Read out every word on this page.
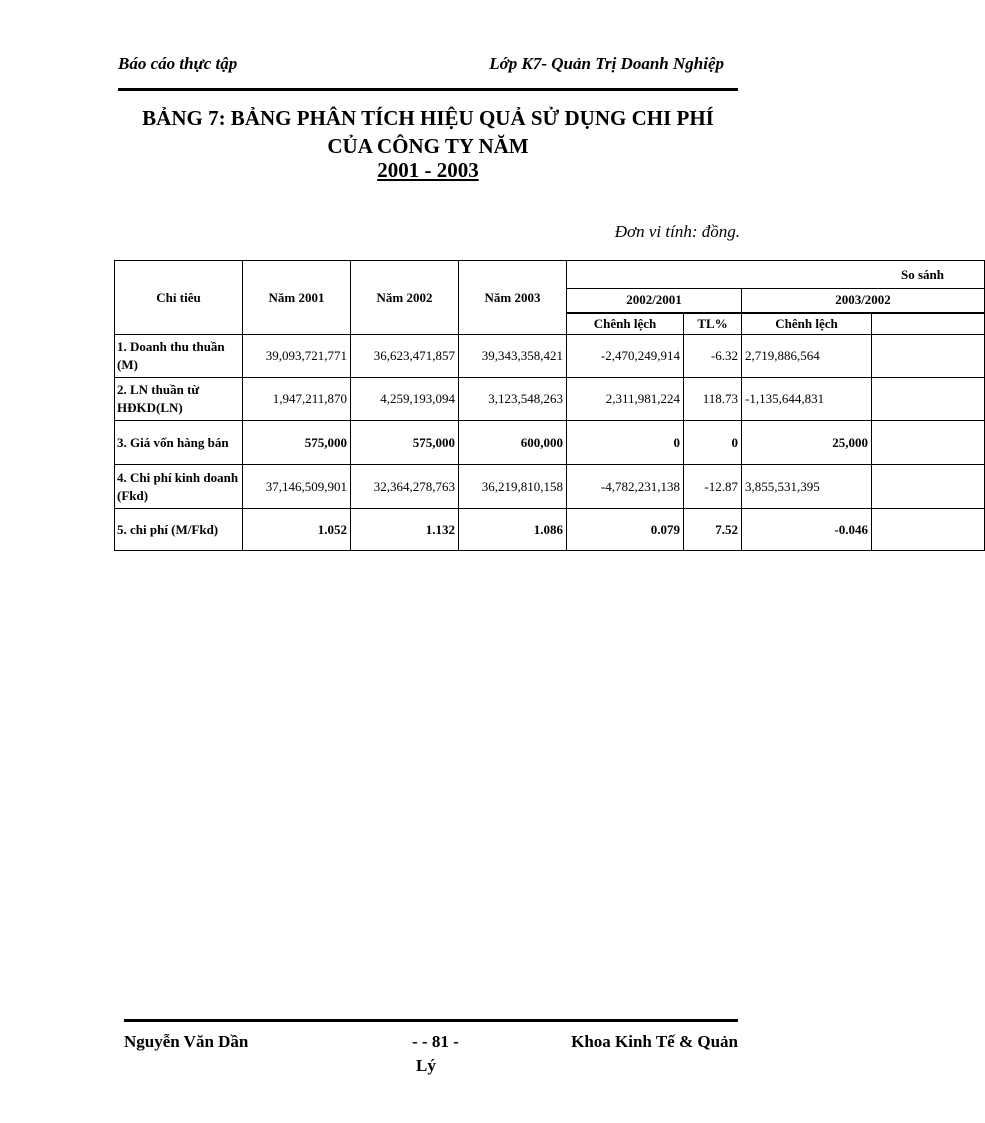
Báo cáo thực tập	Lớp K7- Quản Trị Doanh Nghiệp
BẢNG 7: BẢNG PHÂN TÍCH HIỆU QUẢ SỬ DỤNG CHI PHÍ
CỦA CÔNG TY NĂM
2001 - 2003
Đơn vi tính: đồng.
Chỉ tiêu	Năm 2001	Năm 2002	Năm 2003	So sánh			
				2002/2001		2003/2002	
				Chênh lệch	TL%	Chênh lệch	
1. Doanh thu thuần (M)	39,093,721,771	36,623,471,857	39,343,358,421	-2,470,249,914	-6.32	2,719,886,564	
2. LN thuần từ HĐKD(LN)	1,947,211,870	4,259,193,094	3,123,548,263	2,311,981,224	118.73	-1,135,644,831	
3. Giá vốn hàng bán	575,000	575,000	600,000	0	0	25,000	
4. Chi phí kinh doanh (Fkd)	37,146,509,901	32,364,278,763	36,219,810,158	-4,782,231,138	-12.87	3,855,531,395	
5. chi phí (M/Fkd)	1.052	1.132	1.086	0.079	7.52	-0.046	
Nguyễn Văn Dần	- - 81 -	Khoa Kinh Tế & Quản
Lý
